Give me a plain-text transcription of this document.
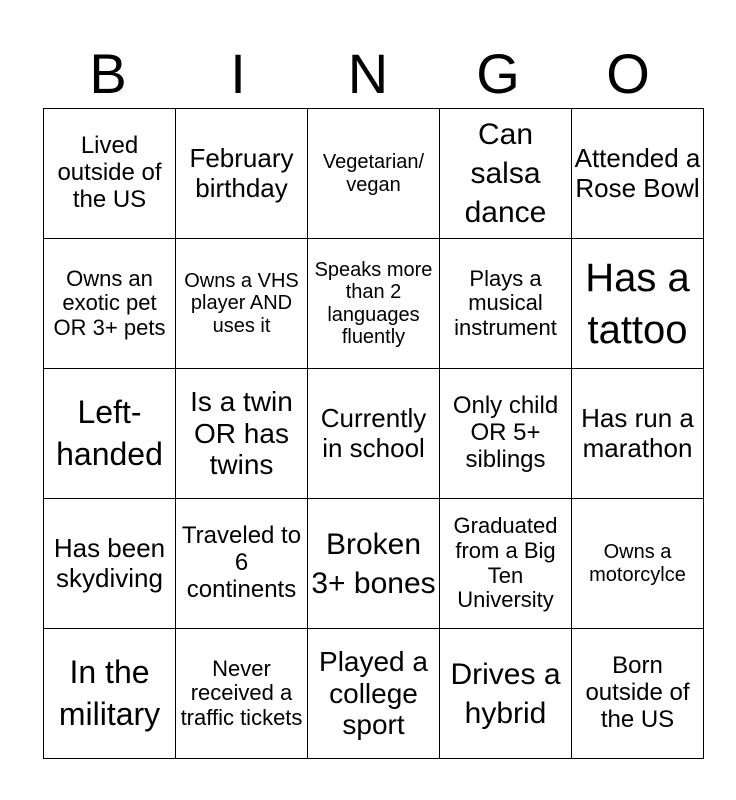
B	I	N	G	O
Lived outside of the US	February birthday	Vegetarian/ vegan	Can salsa dance	Attended a Rose Bowl

Owns an exotic pet OR 3+ pets	Owns a VHS player AND uses it	Speaks more than 2 languages fluently	Plays a musical instrument	Has a tattoo

Left-handed	Is a twin OR has twins	Currently in school	Only child OR 5+ siblings	Has run a marathon

Has been skydiving	Traveled to 6 continents	Broken 3+ bones	Graduated from a Big Ten University	Owns a motorcylce

In the military	Never received a traffic tickets	Played a college sport	Drives a hybrid	Born outside of the US
